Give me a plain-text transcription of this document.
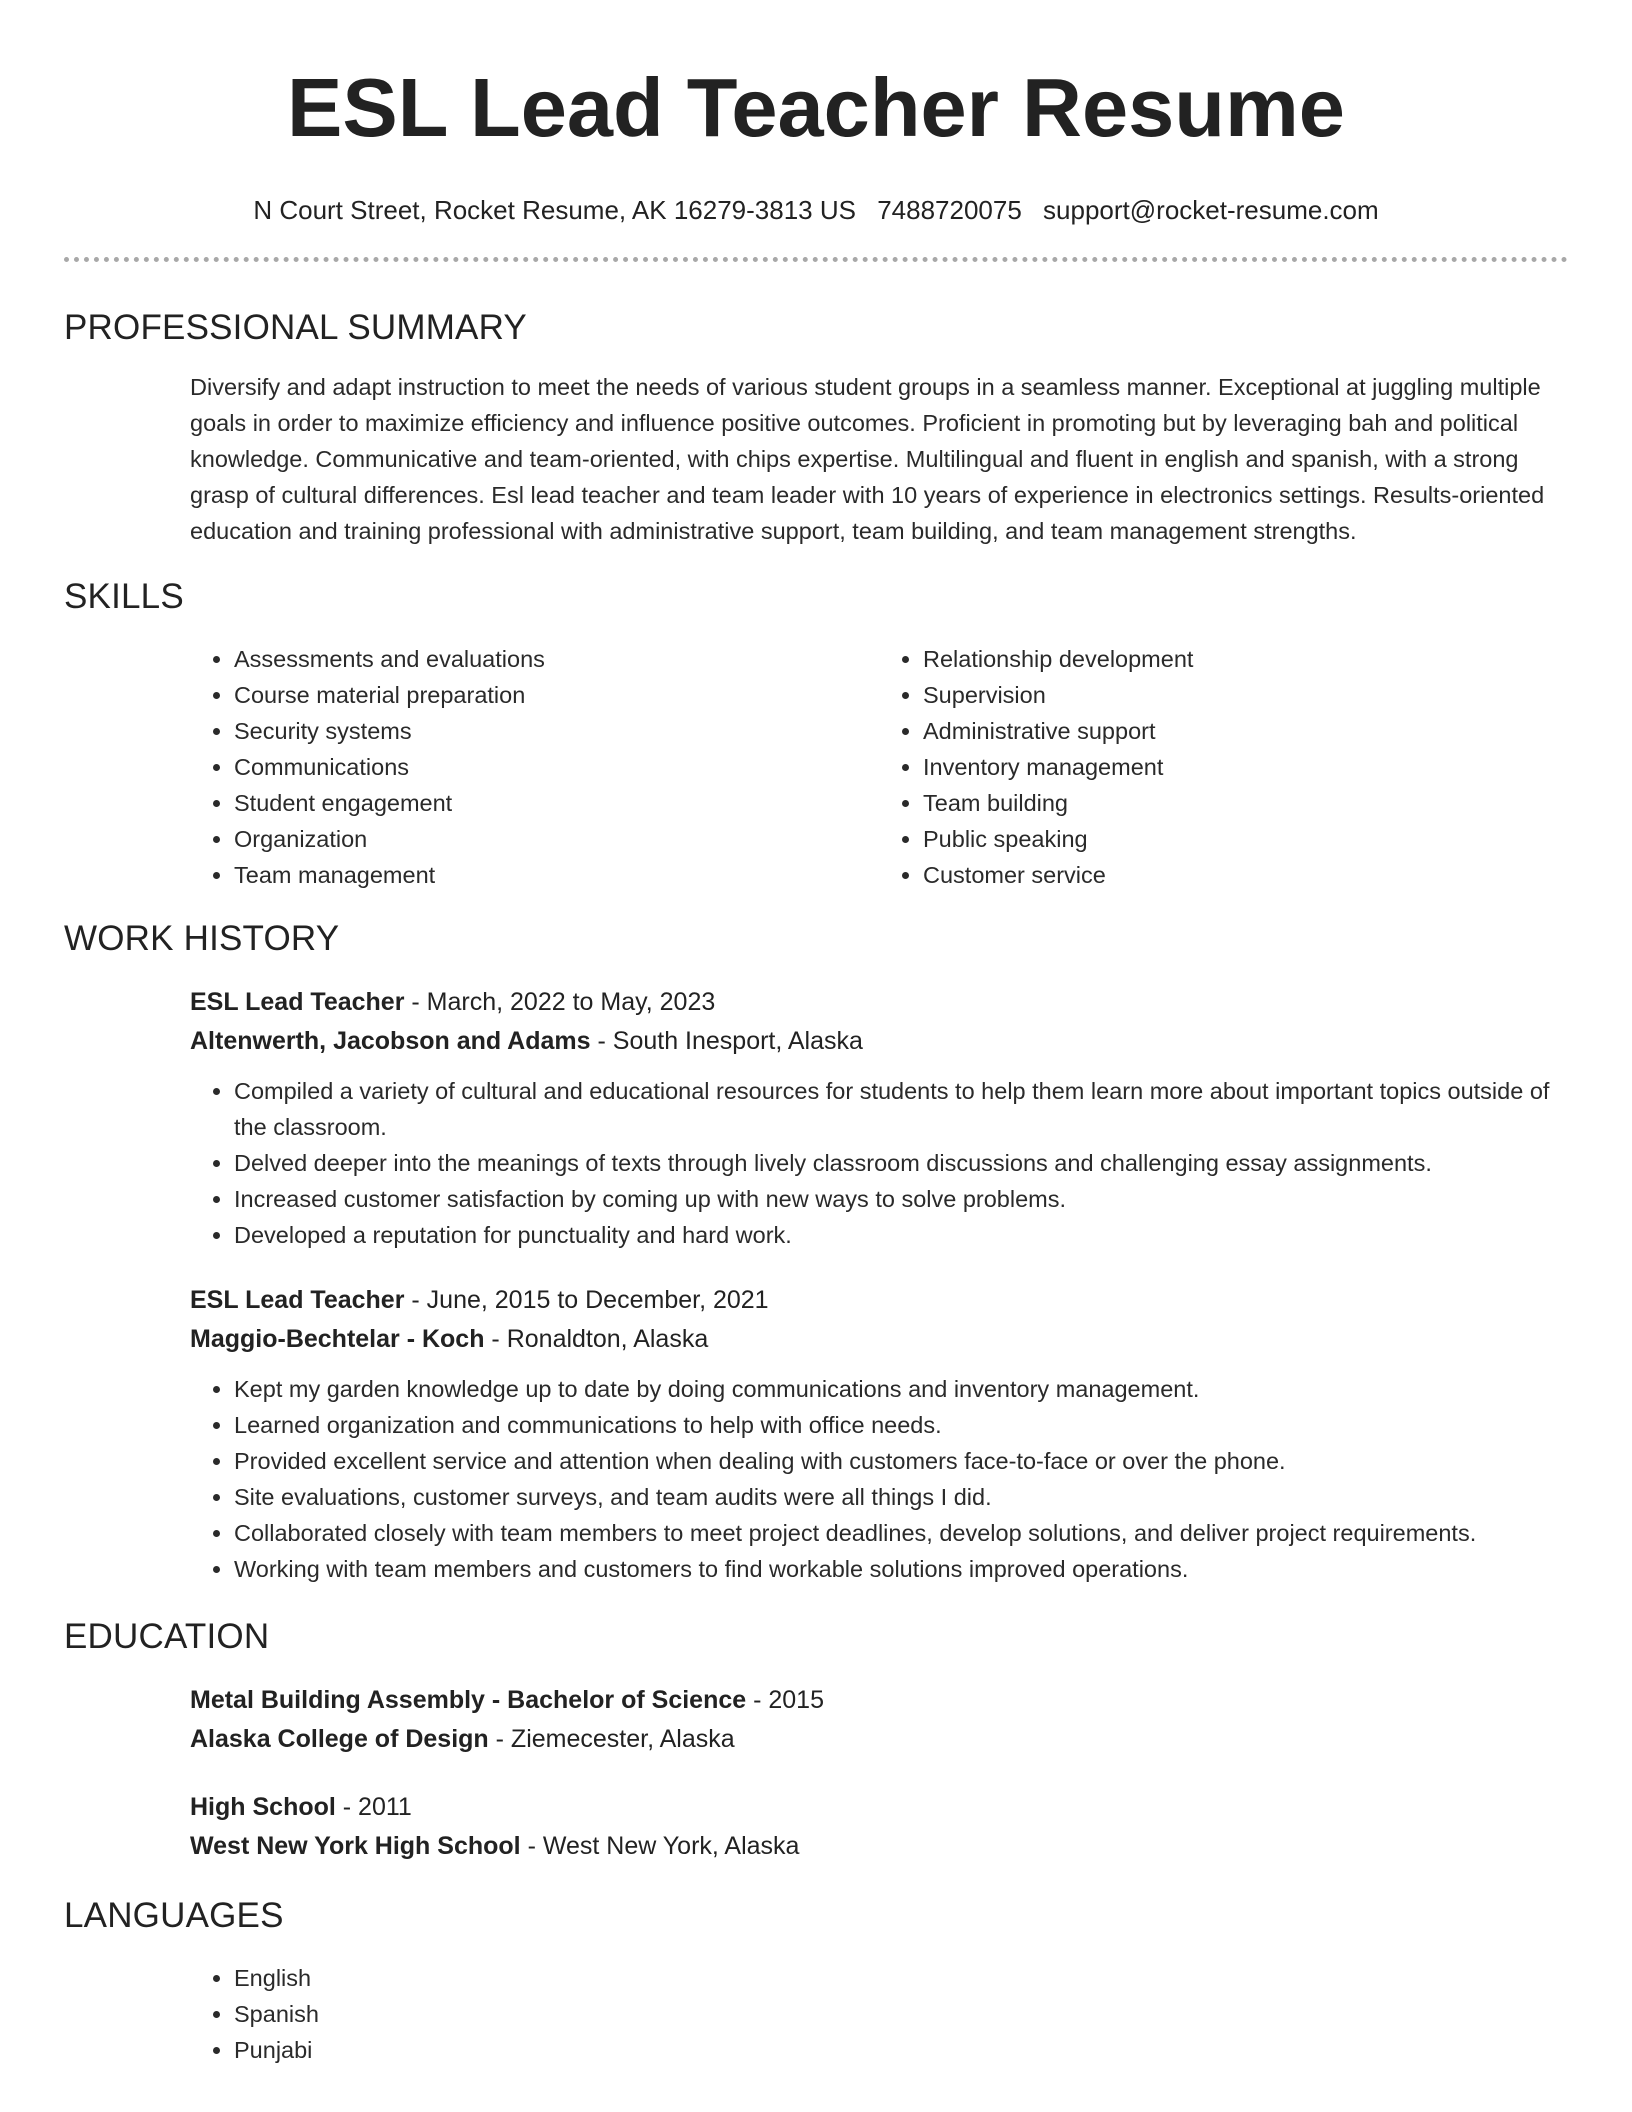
ESL Lead Teacher Resume
N Court Street, Rocket Resume, AK 16279-3813 US 7488720075 support@rocket-resume.com
PROFESSIONAL SUMMARY
Diversify and adapt instruction to meet the needs of various student groups in a seamless manner. Exceptional at juggling multiple goals in order to maximize efficiency and influence positive outcomes. Proficient in promoting but by leveraging bah and political knowledge. Communicative and team-oriented, with chips expertise. Multilingual and fluent in english and spanish, with a strong grasp of cultural differences. Esl lead teacher and team leader with 10 years of experience in electronics settings. Results-oriented education and training professional with administrative support, team building, and team management strengths.
SKILLS
• Assessments and evaluations
• Course material preparation
• Security systems
• Communications
• Student engagement
• Organization
• Team management
• Relationship development
• Supervision
• Administrative support
• Inventory management
• Team building
• Public speaking
• Customer service
WORK HISTORY
ESL Lead Teacher - March, 2022 to May, 2023
Altenwerth, Jacobson and Adams - South Inesport, Alaska
• Compiled a variety of cultural and educational resources for students to help them learn more about important topics outside of the classroom.
• Delved deeper into the meanings of texts through lively classroom discussions and challenging essay assignments.
• Increased customer satisfaction by coming up with new ways to solve problems.
• Developed a reputation for punctuality and hard work.
ESL Lead Teacher - June, 2015 to December, 2021
Maggio-Bechtelar - Koch - Ronaldton, Alaska
• Kept my garden knowledge up to date by doing communications and inventory management.
• Learned organization and communications to help with office needs.
• Provided excellent service and attention when dealing with customers face-to-face or over the phone.
• Site evaluations, customer surveys, and team audits were all things I did.
• Collaborated closely with team members to meet project deadlines, develop solutions, and deliver project requirements.
• Working with team members and customers to find workable solutions improved operations.
EDUCATION
Metal Building Assembly - Bachelor of Science - 2015
Alaska College of Design - Ziemecester, Alaska
High School - 2011
West New York High School - West New York, Alaska
LANGUAGES
• English
• Spanish
• Punjabi
